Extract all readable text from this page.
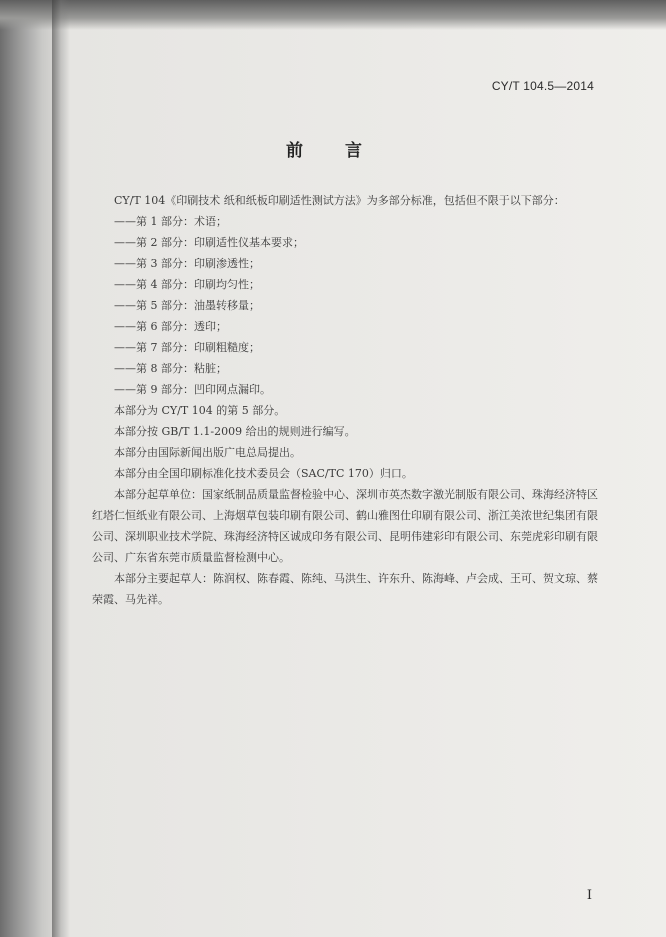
CY/T 104.5—2014
前 言

CY/T 104《印刷技术 纸和纸板印刷适性测试方法》为多部分标准，包括但不限于以下部分：

——第 1 部分：术语；
——第 2 部分：印刷适性仪基本要求；
——第 3 部分：印刷渗透性；
——第 4 部分：印刷均匀性；
——第 5 部分：油墨转移量；
——第 6 部分：透印；
——第 7 部分：印刷粗糙度；
——第 8 部分：粘脏；
——第 9 部分：凹印网点漏印。

本部分为 CY/T 104 的第 5 部分。

本部分按 GB/T 1.1-2009 给出的规则进行编写。

本部分由国际新闻出版广电总局提出。

本部分由全国印刷标准化技术委员会（SAC/TC 170）归口。

本部分起草单位：国家纸制品质量监督检验中心、深圳市英杰数字激光制版有限公司、珠海经济特区红塔仁恒纸业有限公司、上海烟草包装印刷有限公司、鹤山雅图仕印刷有限公司、浙江美浓世纪集团有限公司、深圳职业技术学院、珠海经济特区诚成印务有限公司、昆明伟建彩印有限公司、东莞虎彩印刷有限公司、广东省东莞市质量监督检测中心。

本部分主要起草人：陈润权、陈春霞、陈纯、马洪生、许东升、陈海峰、卢会成、王可、贺文琼、蔡荣霞、马先祥。

I
